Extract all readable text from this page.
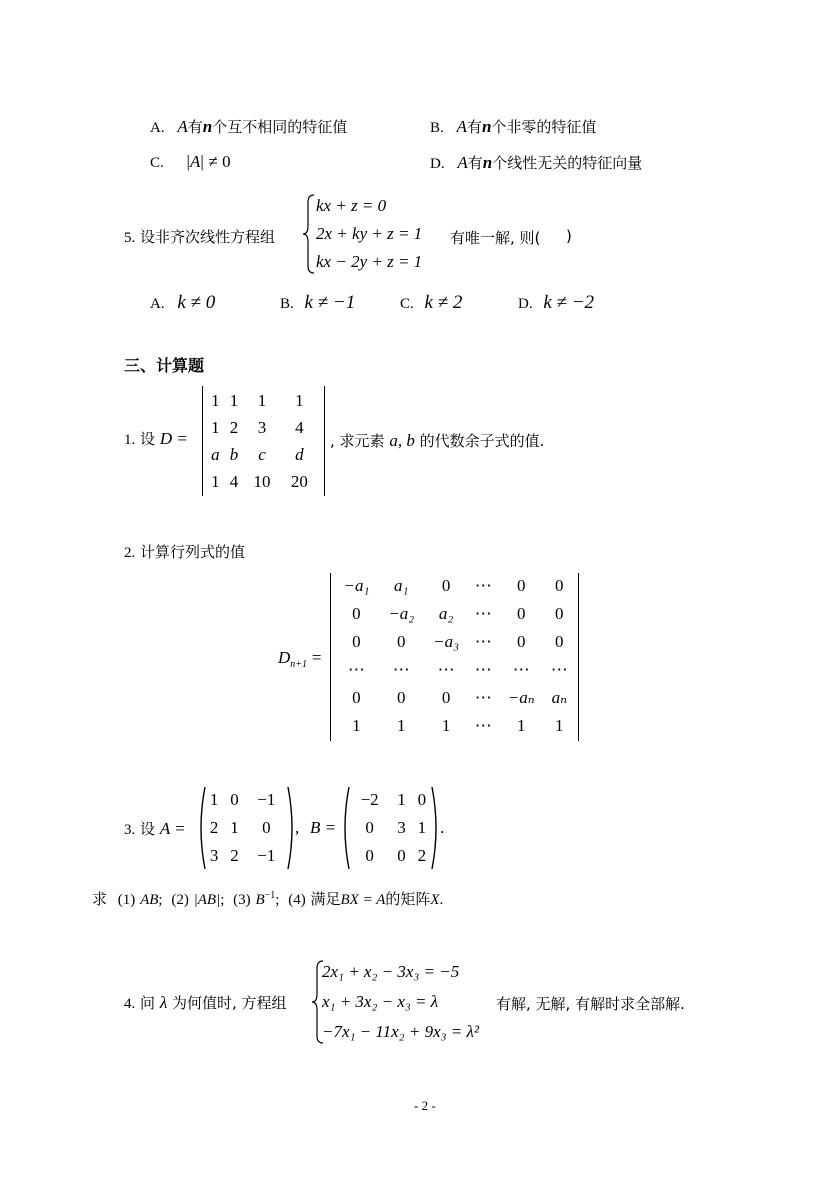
A. A有n个互不相同的特征值	B. A有n个非零的特征值
C. |A| ≠ 0	D. A有n个线性无关的特征向量
5. 设非齐次线性方程组
kx + z = 0
2x + ky + z = 1
kx − 2y + z = 1
有唯一解, 则( )
A. k ≠ 0	B. k ≠ −1	C. k ≠ 2	D. k ≠ −2
三、计算题
1. 设 D =
1	1	1	1
1	2	3	4
a	b	c	d
1	4	10	20
, 求元素 a, b 的代数余子式的值.
2. 计算行列式的值
$D_{n+1}$ =
−a₁	a₁	0	⋯	0	0
0	−a₂	a₂	⋯	0	0
0	0	−a₃	⋯	0	0
⋯	⋯	⋯	⋯	⋯	⋯
0	0	0	⋯	−aₙ	aₙ
1	1	1	⋯	1	1
3. 设 A =
1	0	−1
2	1	0
3	2	−1
, B =
−2	1	0
0	3	1
0	0	2
.
求 (1) AB; (2) |AB|; (3) $B^{-1}$; (4) 满足BX = A的矩阵X.
4. 问 λ 为何值时, 方程组
2x₁ + x₂ − 3x₃ = −5
x₁ + 3x₂ − x₃ = λ
−7x₁ − 11x₂ + 9x₃ = λ²
有解, 无解, 有解时求全部解.
- 2 -
